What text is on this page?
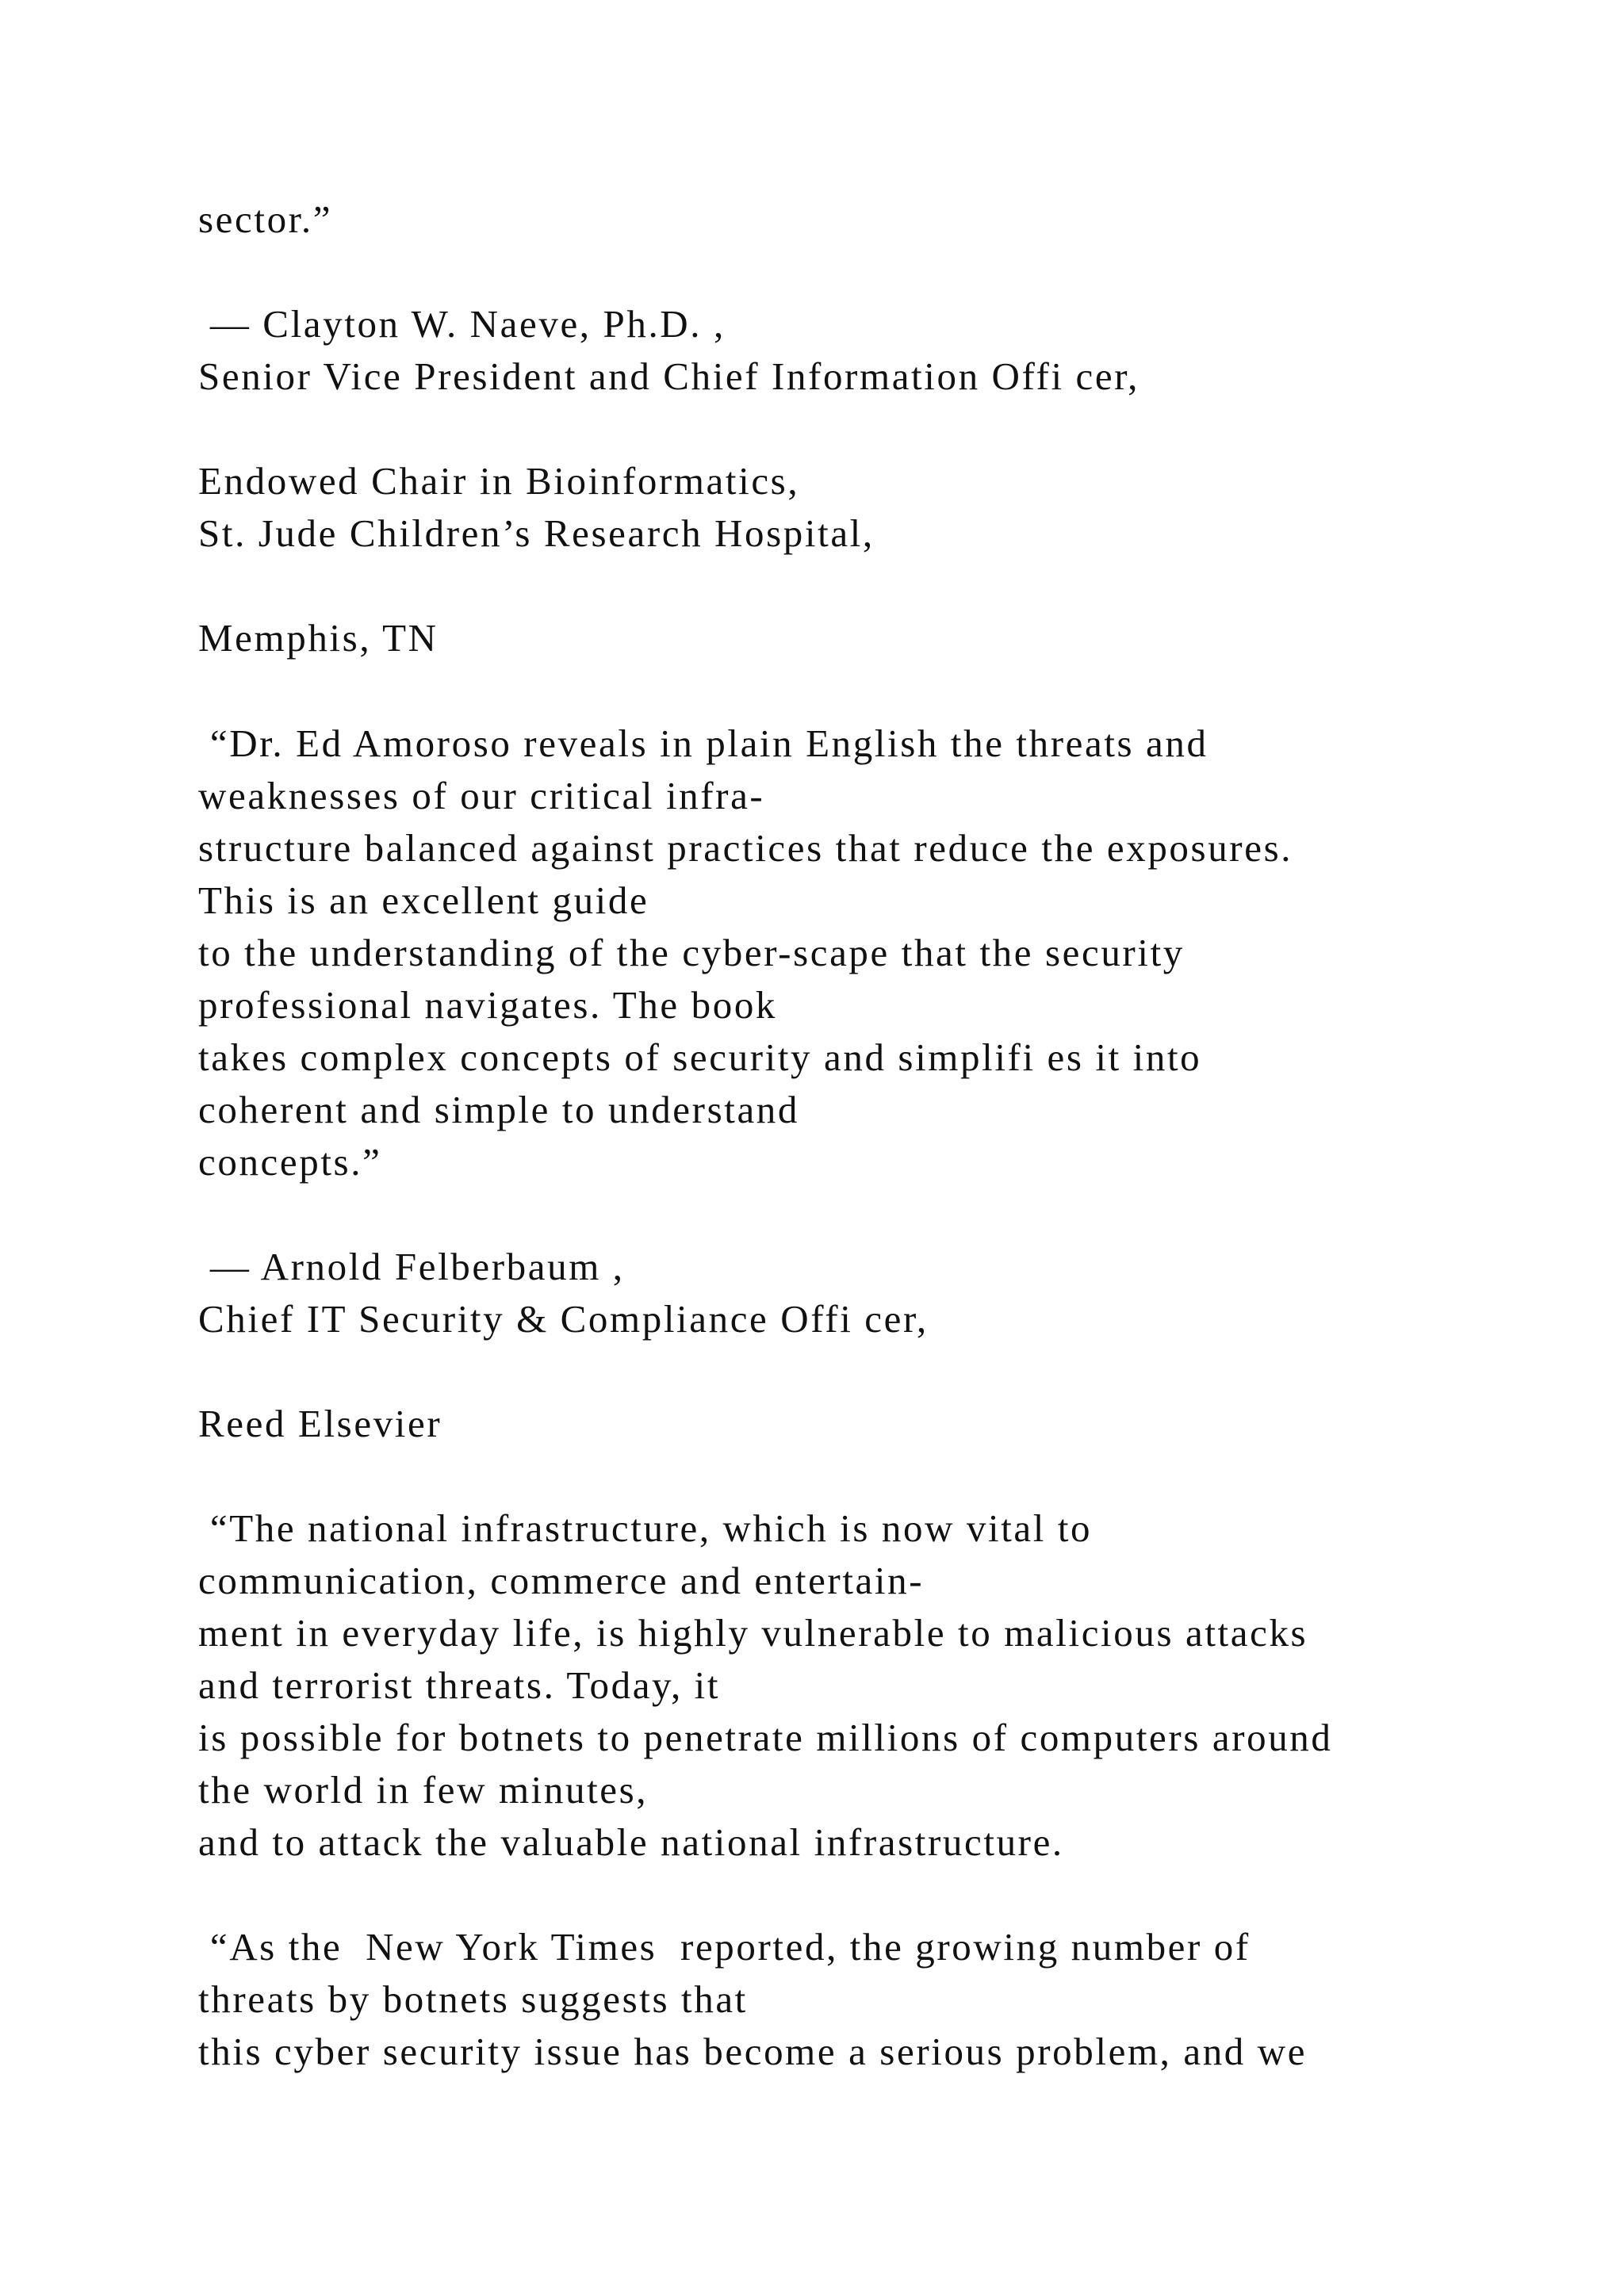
sector.”

— Clayton W. Naeve, Ph.D. ,

Senior Vice President and Chief Information Offi cer,

Endowed Chair in Bioinformatics,

St. Jude Children’s Research Hospital,

Memphis, TN

“Dr. Ed Amoroso reveals in plain English the threats and

weaknesses of our critical infra-

structure balanced against practices that reduce the exposures.

This is an excellent guide

to the understanding of the cyber-scape that the security

professional navigates. The book

takes complex concepts of security and simplifi es it into

coherent and simple to understand

concepts.”

— Arnold Felberbaum ,

Chief IT Security & Compliance Offi cer,

Reed Elsevier

“The national infrastructure, which is now vital to

communication, commerce and entertain-

ment in everyday life, is highly vulnerable to malicious attacks

and terrorist threats. Today, it

is possible for botnets to penetrate millions of computers around

the world in few minutes,

and to attack the valuable national infrastructure.

“As the  New York Times  reported, the growing number of

threats by botnets suggests that

this cyber security issue has become a serious problem, and we
